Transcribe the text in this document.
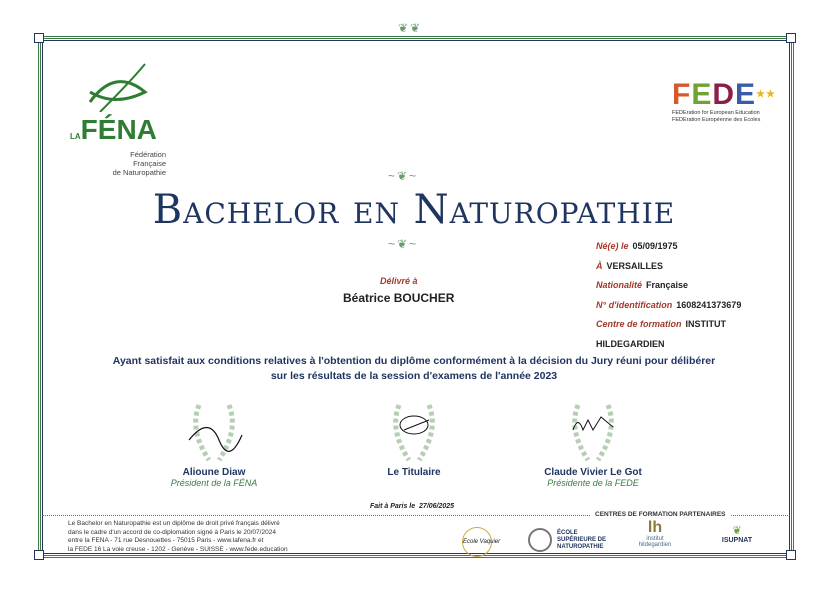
❦❦
LAFÉNA
Fédération
Française
de Naturopathie
FEDE★★
FEDEration for European Education
FEDEration Européenne des Ecoles
~❦~
Bachelor en Naturopathie
~❦~
Délivré à
Béatrice BOUCHER
Né(e) le 05/09/1975
À VERSAILLES
Nationalité Française
N° d'identification 1608241373679
Centre de formation INSTITUT
HILDEGARDIEN
Ayant satisfait aux conditions relatives à l'obtention du diplôme conformément à la décision du Jury réuni pour délibérer
sur les résultats de la session d'examens de l'année 2023
Alioune Diaw
Président de la FÉNA
Le Titulaire	Claude Vivier Le Got
Présidente de la FEDE
Fait à Paris le 27/06/2025
CENTRES DE FORMATION PARTENAIRES
Le Bachelor en Naturopathie est un diplôme de droit privé français délivré
dans le cadre d'un accord de co-diplomation signé à Paris le 20/07/2024
entre la FENA - 71 rue Desnouettes - 75015 Paris - www.lafena.fr et
la FEDE 16 La voie creuse - 1202 - Genève - SUISSE - www.fede.education
Ecole Vaquier
ÉCOLE SUPÉRIEURE DE NATUROPATHIE
lh
institut hildegardien
❦
ISUPNAT
